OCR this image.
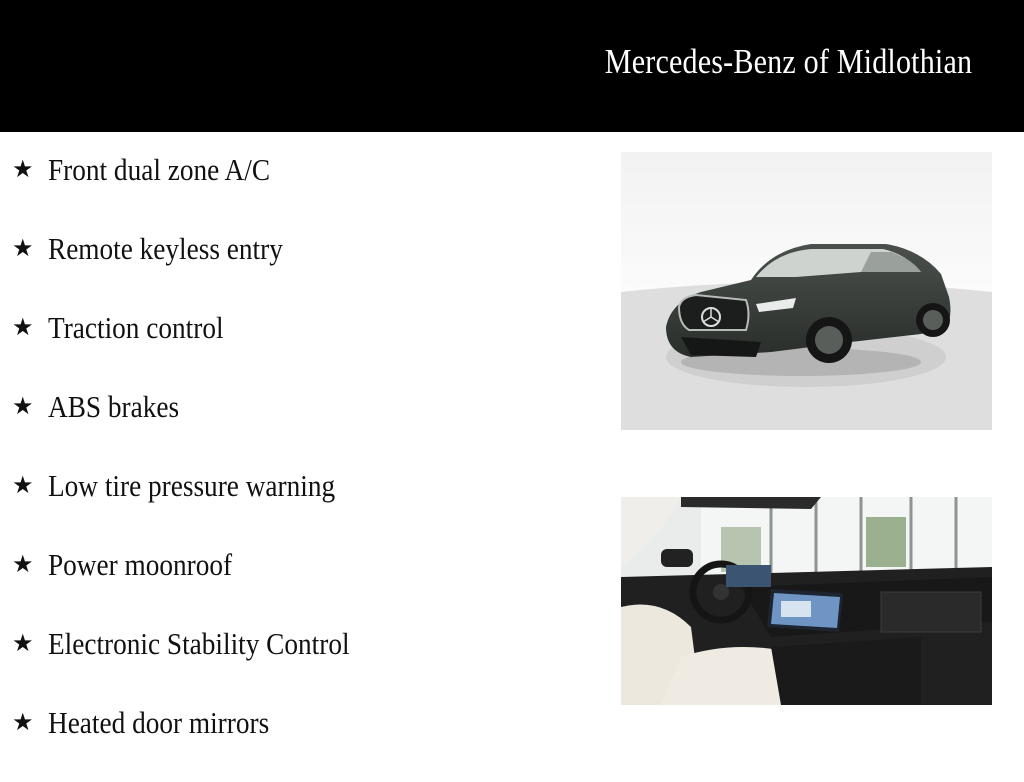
Mercedes-Benz of Midlothian
★ Front dual zone A/C
★ Remote keyless entry
★ Traction control
★ ABS brakes
★ Low tire pressure warning
★ Power moonroof
★ Electronic Stability Control
★ Heated door mirrors
